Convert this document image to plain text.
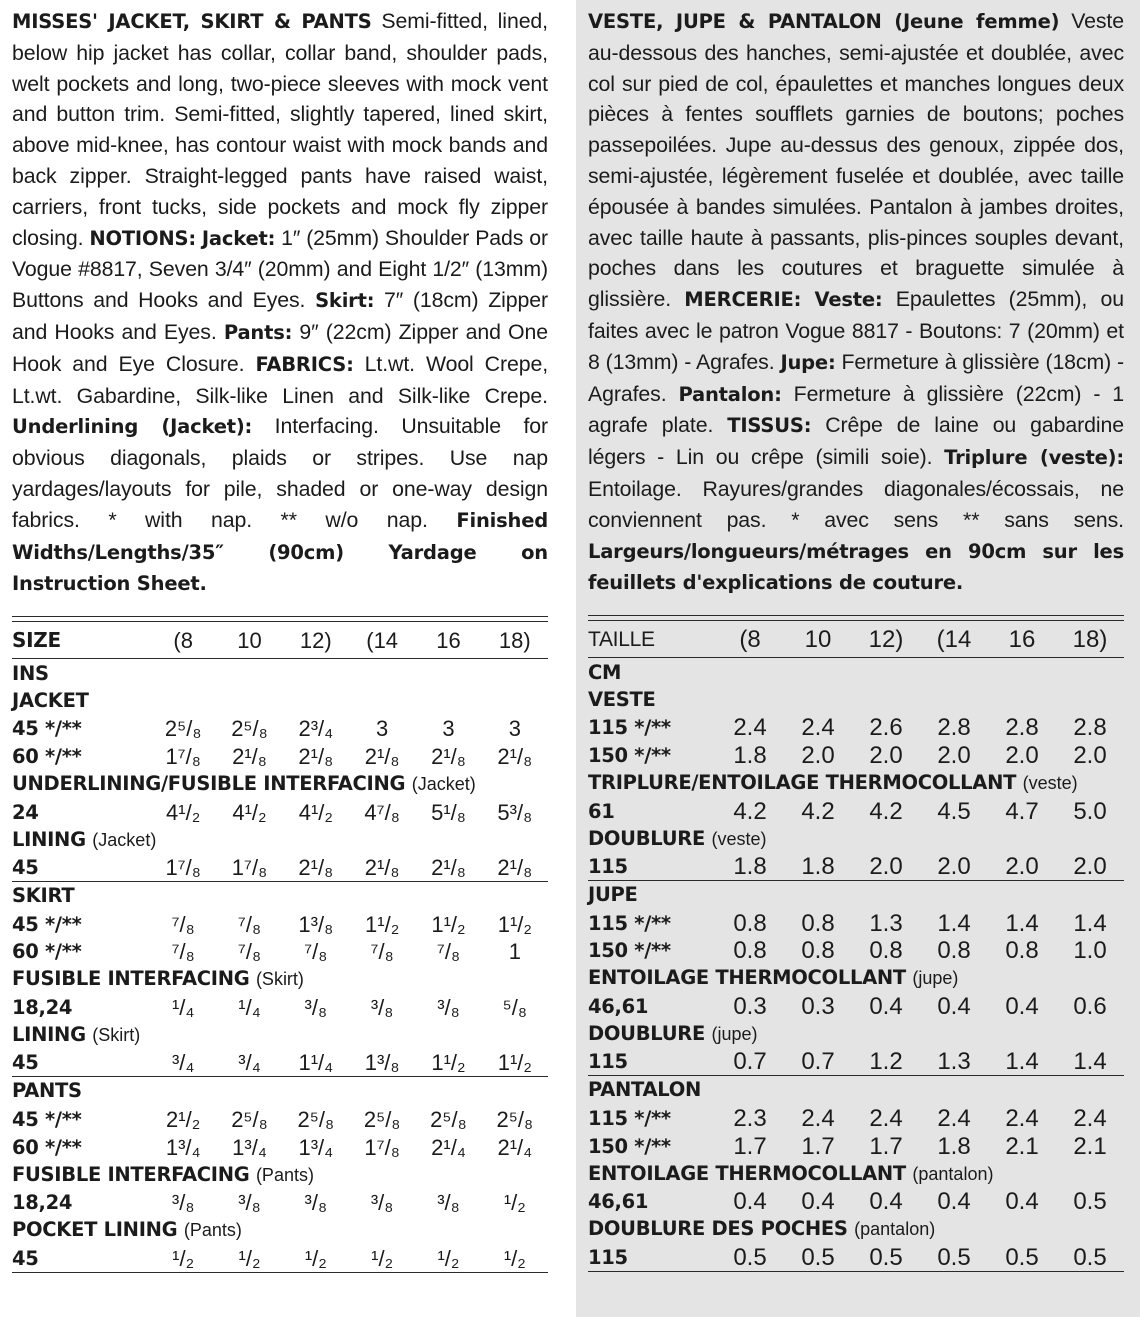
MISSES' JACKET, SKIRT & PANTS Semi-fitted, lined, below hip jacket has collar, collar band, shoulder pads, welt pockets and long, two-piece sleeves with mock vent and button trim. Semi-fitted, slightly tapered, lined skirt, above mid-knee, has contour waist with mock bands and back zipper. Straight-legged pants have raised waist, carriers, front tucks, side pockets and mock fly zipper closing. NOTIONS: Jacket: 1″ (25mm) Shoulder Pads or Vogue #8817, Seven 3/4″ (20mm) and Eight 1/2″ (13mm) Buttons and Hooks and Eyes. Skirt: 7″ (18cm) Zipper and Hooks and Eyes. Pants: 9″ (22cm) Zipper and One Hook and Eye Closure. FABRICS: Lt.wt. Wool Crepe, Lt.wt. Gabardine, Silk-like Linen and Silk-like Crepe. Underlining (Jacket): Interfacing. Unsuitable for obvious diagonals, plaids or stripes. Use nap yardages/layouts for pile, shaded or one-way design fabrics. * with nap. ** w/o nap. Finished Widths/Lengths/35″ (90cm) Yardage on Instruction Sheet.

SIZE	(8	10	12)	(14	16	18)

INS						
JACKET						
45 */**	2⁵/₈	2⁵/₈	2³/₄	3	3	3
60 */**	1⁷/₈	2¹/₈	2¹/₈	2¹/₈	2¹/₈	2¹/₈
UNDERLINING/FUSIBLE INTERFACING (Jacket)						
24	4¹/₂	4¹/₂	4¹/₂	4⁷/₈	5¹/₈	5³/₈
LINING (Jacket)						
45	1⁷/₈	1⁷/₈	2¹/₈	2¹/₈	2¹/₈	2¹/₈

SKIRT						
45 */**	⁷/₈	⁷/₈	1³/₈	1¹/₂	1¹/₂	1¹/₂
60 */**	⁷/₈	⁷/₈	⁷/₈	⁷/₈	⁷/₈	1
FUSIBLE INTERFACING (Skirt)						
18,24	¹/₄	¹/₄	³/₈	³/₈	³/₈	⁵/₈
LINING (Skirt)						
45	³/₄	³/₄	1¹/₄	1³/₈	1¹/₂	1¹/₂

PANTS						
45 */**	2¹/₂	2⁵/₈	2⁵/₈	2⁵/₈	2⁵/₈	2⁵/₈
60 */**	1³/₄	1³/₄	1³/₄	1⁷/₈	2¹/₄	2¹/₄
FUSIBLE INTERFACING (Pants)						
18,24	³/₈	³/₈	³/₈	³/₈	³/₈	¹/₂
POCKET LINING (Pants)						
45	¹/₂	¹/₂	¹/₂	¹/₂	¹/₂	¹/₂

VESTE, JUPE & PANTALON (Jeune femme) Veste au-dessous des hanches, semi-ajustée et doublée, avec col sur pied de col, épaulettes et manches longues deux pièces à fentes soufflets garnies de boutons; poches passepoilées. Jupe au-dessus des genoux, zippée dos, semi-ajustée, légèrement fuselée et doublée, avec taille épousée à bandes simulées. Pantalon à jambes droites, avec taille haute à passants, plis-pinces souples devant, poches dans les coutures et braguette simulée à glissière. MERCERIE: Veste: Epaulettes (25mm), ou faites avec le patron Vogue 8817 - Boutons: 7 (20mm) et 8 (13mm) - Agrafes. Jupe: Fermeture à glissière (18cm) - Agrafes. Pantalon: Fermeture à glissière (22cm) - 1 agrafe plate. TISSUS: Crêpe de laine ou gabardine légers - Lin ou crêpe (simili soie). Triplure (veste): Entoilage. Rayures/grandes diagonales/écossais, ne conviennent pas. * avec sens ** sans sens. Largeurs/longueurs/métrages en 90cm sur les feuillets d'explications de couture.

TAILLE	(8	10	12)	(14	16	18)

CM						
VESTE						
115 */**	2.4	2.4	2.6	2.8	2.8	2.8
150 */**	1.8	2.0	2.0	2.0	2.0	2.0
TRIPLURE/ENTOILAGE THERMOCOLLANT (veste)						
61	4.2	4.2	4.2	4.5	4.7	5.0
DOUBLURE (veste)						
115	1.8	1.8	2.0	2.0	2.0	2.0

JUPE						
115 */**	0.8	0.8	1.3	1.4	1.4	1.4
150 */**	0.8	0.8	0.8	0.8	0.8	1.0
ENTOILAGE THERMOCOLLANT (jupe)						
46,61	0.3	0.3	0.4	0.4	0.4	0.6
DOUBLURE (jupe)						
115	0.7	0.7	1.2	1.3	1.4	1.4

PANTALON						
115 */**	2.3	2.4	2.4	2.4	2.4	2.4
150 */**	1.7	1.7	1.7	1.8	2.1	2.1
ENTOILAGE THERMOCOLLANT (pantalon)						
46,61	0.4	0.4	0.4	0.4	0.4	0.5
DOUBLURE DES POCHES (pantalon)						
115	0.5	0.5	0.5	0.5	0.5	0.5
